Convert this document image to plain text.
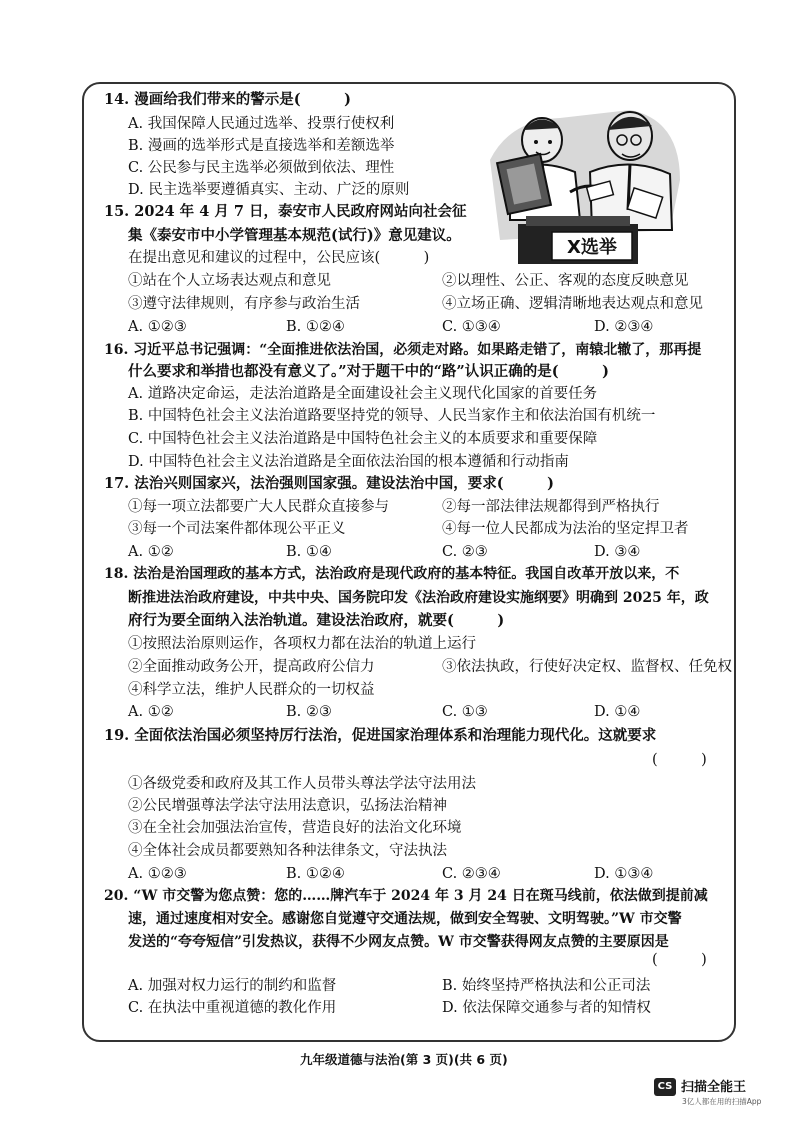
X选举
14. 漫画给我们带来的警示是(　　　)
A. 我国保障人民通过选举、投票行使权利
B. 漫画的选举形式是直接选举和差额选举
C. 公民参与民主选举必须做到依法、理性
D. 民主选举要遵循真实、主动、广泛的原则
15. 2024 年 4 月 7 日，泰安市人民政府网站向社会征
集《泰安市中小学管理基本规范(试行)》意见建议。
在提出意见和建议的过程中，公民应该(　　　)
①站在个人立场表达观点和意见	②以理性、公正、客观的态度反映意见
③遵守法律规则，有序参与政治生活	④立场正确、逻辑清晰地表达观点和意见
A. ①②③	B. ①②④	C. ①③④	D. ②③④
16. 习近平总书记强调：“全面推进依法治国，必须走对路。如果路走错了，南辕北辙了，那再提
什么要求和举措也都没有意义了。”对于题干中的“路”认识正确的是(　　　)
A. 道路决定命运，走法治道路是全面建设社会主义现代化国家的首要任务
B. 中国特色社会主义法治道路要坚持党的领导、人民当家作主和依法治国有机统一
C. 中国特色社会主义法治道路是中国特色社会主义的本质要求和重要保障
D. 中国特色社会主义法治道路是全面依法治国的根本遵循和行动指南
17. 法治兴则国家兴，法治强则国家强。建设法治中国，要求(　　　)
①每一项立法都要广大人民群众直接参与	②每一部法律法规都得到严格执行
③每一个司法案件都体现公平正义	④每一位人民都成为法治的坚定捍卫者
A. ①②	B. ①④	C. ②③	D. ③④
18. 法治是治国理政的基本方式，法治政府是现代政府的基本特征。我国自改革开放以来，不
断推进法治政府建设，中共中央、国务院印发《法治政府建设实施纲要》明确到 2025 年，政
府行为要全面纳入法治轨道。建设法治政府，就要(　　　)
①按照法治原则运作，各项权力都在法治的轨道上运行
②全面推动政务公开，提高政府公信力	③依法执政，行使好决定权、监督权、任免权
④科学立法，维护人民群众的一切权益
A. ①②	B. ②③	C. ①③	D. ①④
19. 全面依法治国必须坚持厉行法治，促进国家治理体系和治理能力现代化。这就要求
(　　　)
①各级党委和政府及其工作人员带头尊法学法守法用法
②公民增强尊法学法守法用法意识，弘扬法治精神
③在全社会加强法治宣传，营造良好的法治文化环境
④全体社会成员都要熟知各种法律条文，守法执法
A. ①②③	B. ①②④	C. ②③④	D. ①③④
20. “W 市交警为您点赞：您的……牌汽车于 2024 年 3 月 24 日在斑马线前，依法做到提前减
速，通过速度相对安全。感谢您自觉遵守交通法规，做到安全驾驶、文明驾驶。”W 市交警
发送的“夸夸短信”引发热议，获得不少网友点赞。W 市交警获得网友点赞的主要原因是
(　　　)
A. 加强对权力运行的制约和监督	B. 始终坚持严格执法和公正司法
C. 在执法中重视道德的教化作用	D. 依法保障交通参与者的知情权
九年级道德与法治(第 3 页)(共 6 页)
CS 扫描全能王
3亿人都在用的扫描App
